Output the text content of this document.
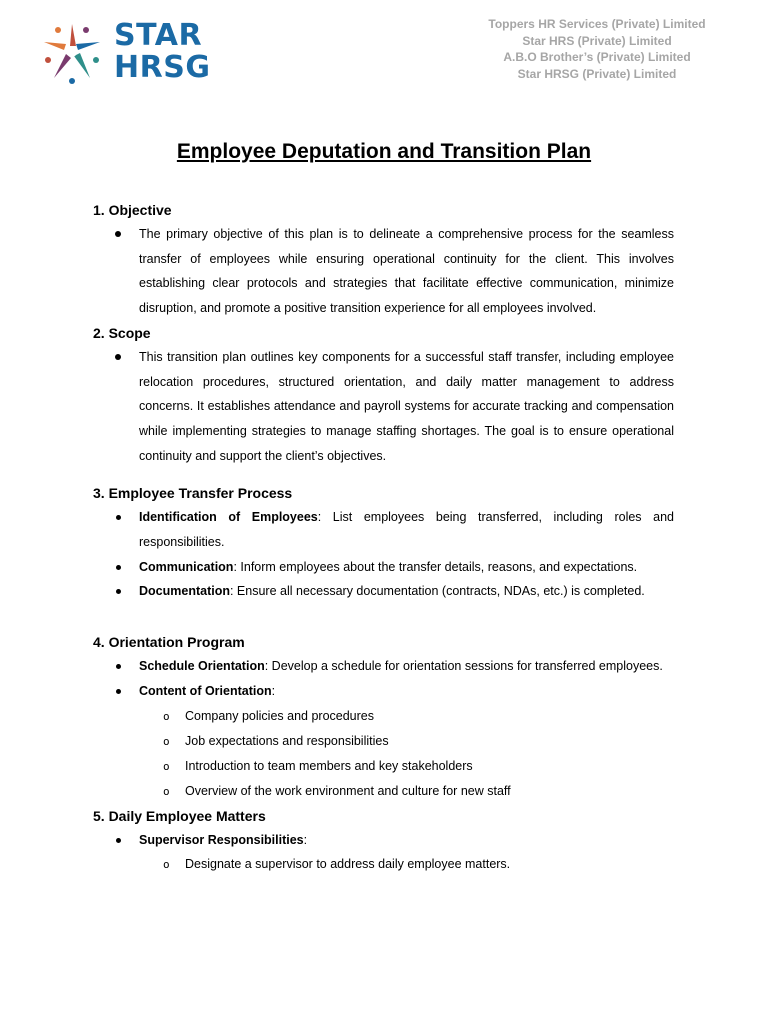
STAR
HRSG
Toppers HR Services (Private) Limited
Star HRS (Private) Limited
A.B.O Brother’s (Private) Limited
Star HRSG (Private) Limited
Employee Deputation and Transition Plan

1. Objective

The primary objective of this plan is to delineate a comprehensive process for the seamless transfer of employees while ensuring operational continuity for the client. This involves establishing clear protocols and strategies that facilitate effective communication, minimize disruption, and promote a positive transition experience for all employees involved.

2. Scope

This transition plan outlines key components for a successful staff transfer, including employee relocation procedures, structured orientation, and daily matter management to address concerns. It establishes attendance and payroll systems for accurate tracking and compensation while implementing strategies to manage staffing shortages. The goal is to ensure operational continuity and support the client’s objectives.

3. Employee Transfer Process

Identification of Employees: List employees being transferred, including roles and responsibilities.
Communication: Inform employees about the transfer details, reasons, and expectations.
Documentation: Ensure all necessary documentation (contracts, NDAs, etc.) is completed.

4. Orientation Program

Schedule Orientation: Develop a schedule for orientation sessions for transferred employees.
Content of Orientation:
o Company policies and procedures
o Job expectations and responsibilities
o Introduction to team members and key stakeholders
o Overview of the work environment and culture for new staff

5. Daily Employee Matters

Supervisor Responsibilities:
o Designate a supervisor to address daily employee matters.
